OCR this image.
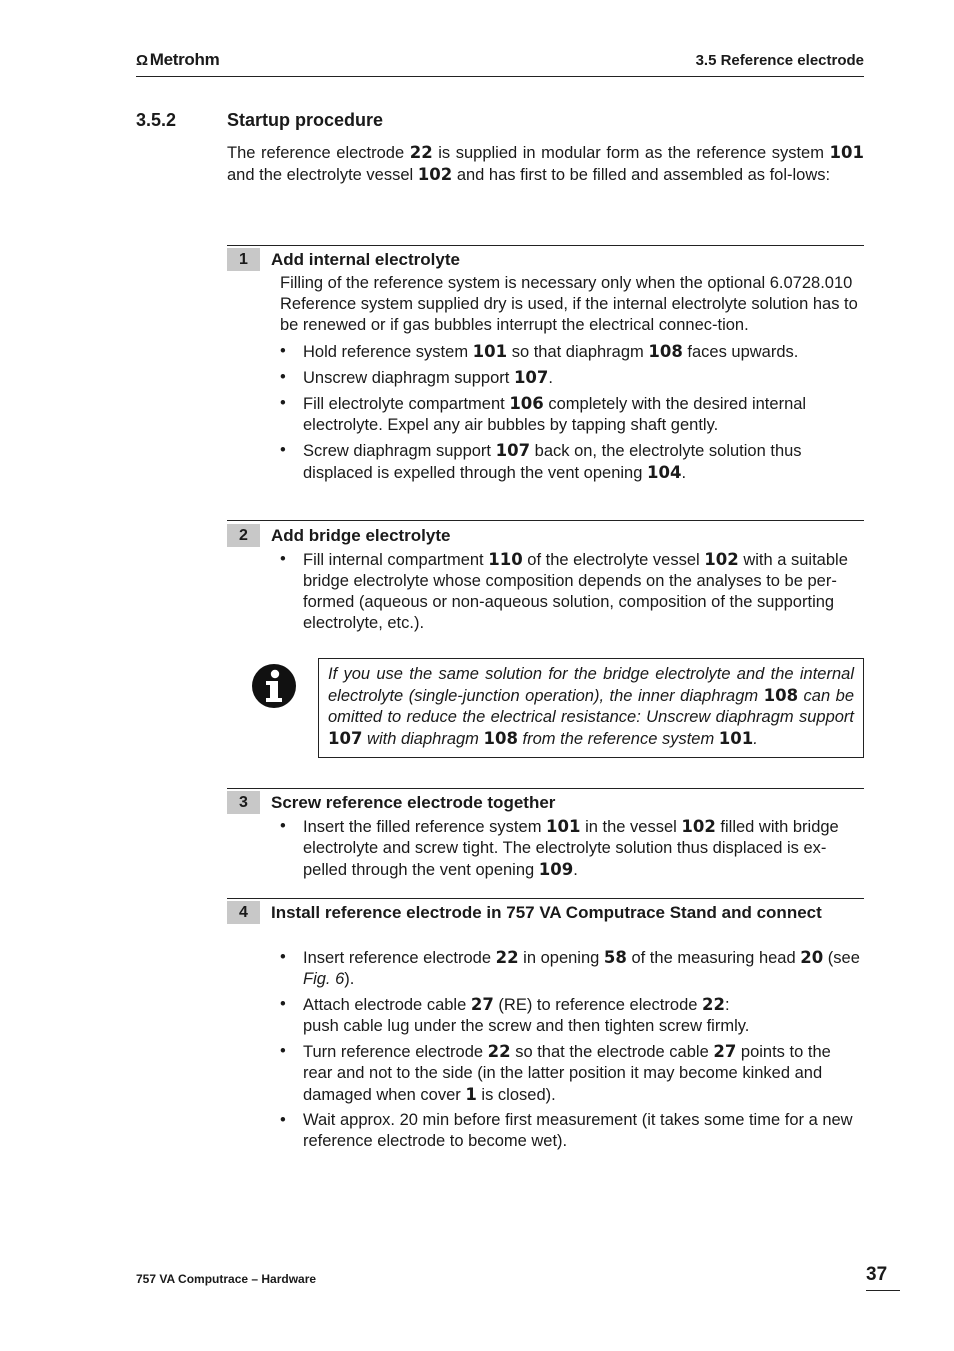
Ω Metrohm	3.5 Reference electrode
3.5.2	Startup procedure
The reference electrode 22 is supplied in modular form as the reference system 101 and the electrolyte vessel 102 and has first to be filled and assembled as fol-lows:
1	Add internal electrolyte
Filling of the reference system is necessary only when the optional 6.0728.010 Reference system supplied dry is used, if the internal electrolyte solution has to be renewed or if gas bubbles interrupt the electrical connec-tion.
• Hold reference system 101 so that diaphragm 108 faces upwards.
• Unscrew diaphragm support 107.
• Fill electrolyte compartment 106 completely with the desired internal electrolyte. Expel any air bubbles by tapping shaft gently.
• Screw diaphragm support 107 back on, the electrolyte solution thus displaced is expelled through the vent opening 104.
2	Add bridge electrolyte
• Fill internal compartment 110 of the electrolyte vessel 102 with a suitable bridge electrolyte whose composition depends on the analyses to be per-formed (aqueous or non-aqueous solution, composition of the supporting electrolyte, etc.).
If you use the same solution for the bridge electrolyte and the internal electrolyte (single-junction operation), the inner diaphragm 108 can be omitted to reduce the electrical resistance: Unscrew diaphragm support 107 with diaphragm 108 from the reference system 101.
3	Screw reference electrode together
• Insert the filled reference system 101 in the vessel 102 filled with bridge electrolyte and screw tight. The electrolyte solution thus displaced is ex-pelled through the vent opening 109.
4	Install reference electrode in 757 VA Computrace Stand and connect
• Insert reference electrode 22 in opening 58 of the measuring head 20 (see Fig. 6).
• Attach electrode cable 27 (RE) to reference electrode 22:
push cable lug under the screw and then tighten screw firmly.
• Turn reference electrode 22 so that the electrode cable 27 points to the rear and not to the side (in the latter position it may become kinked and damaged when cover 1 is closed).
• Wait approx. 20 min before first measurement (it takes some time for a new reference electrode to become wet).
757 VA Computrace – Hardware	37
